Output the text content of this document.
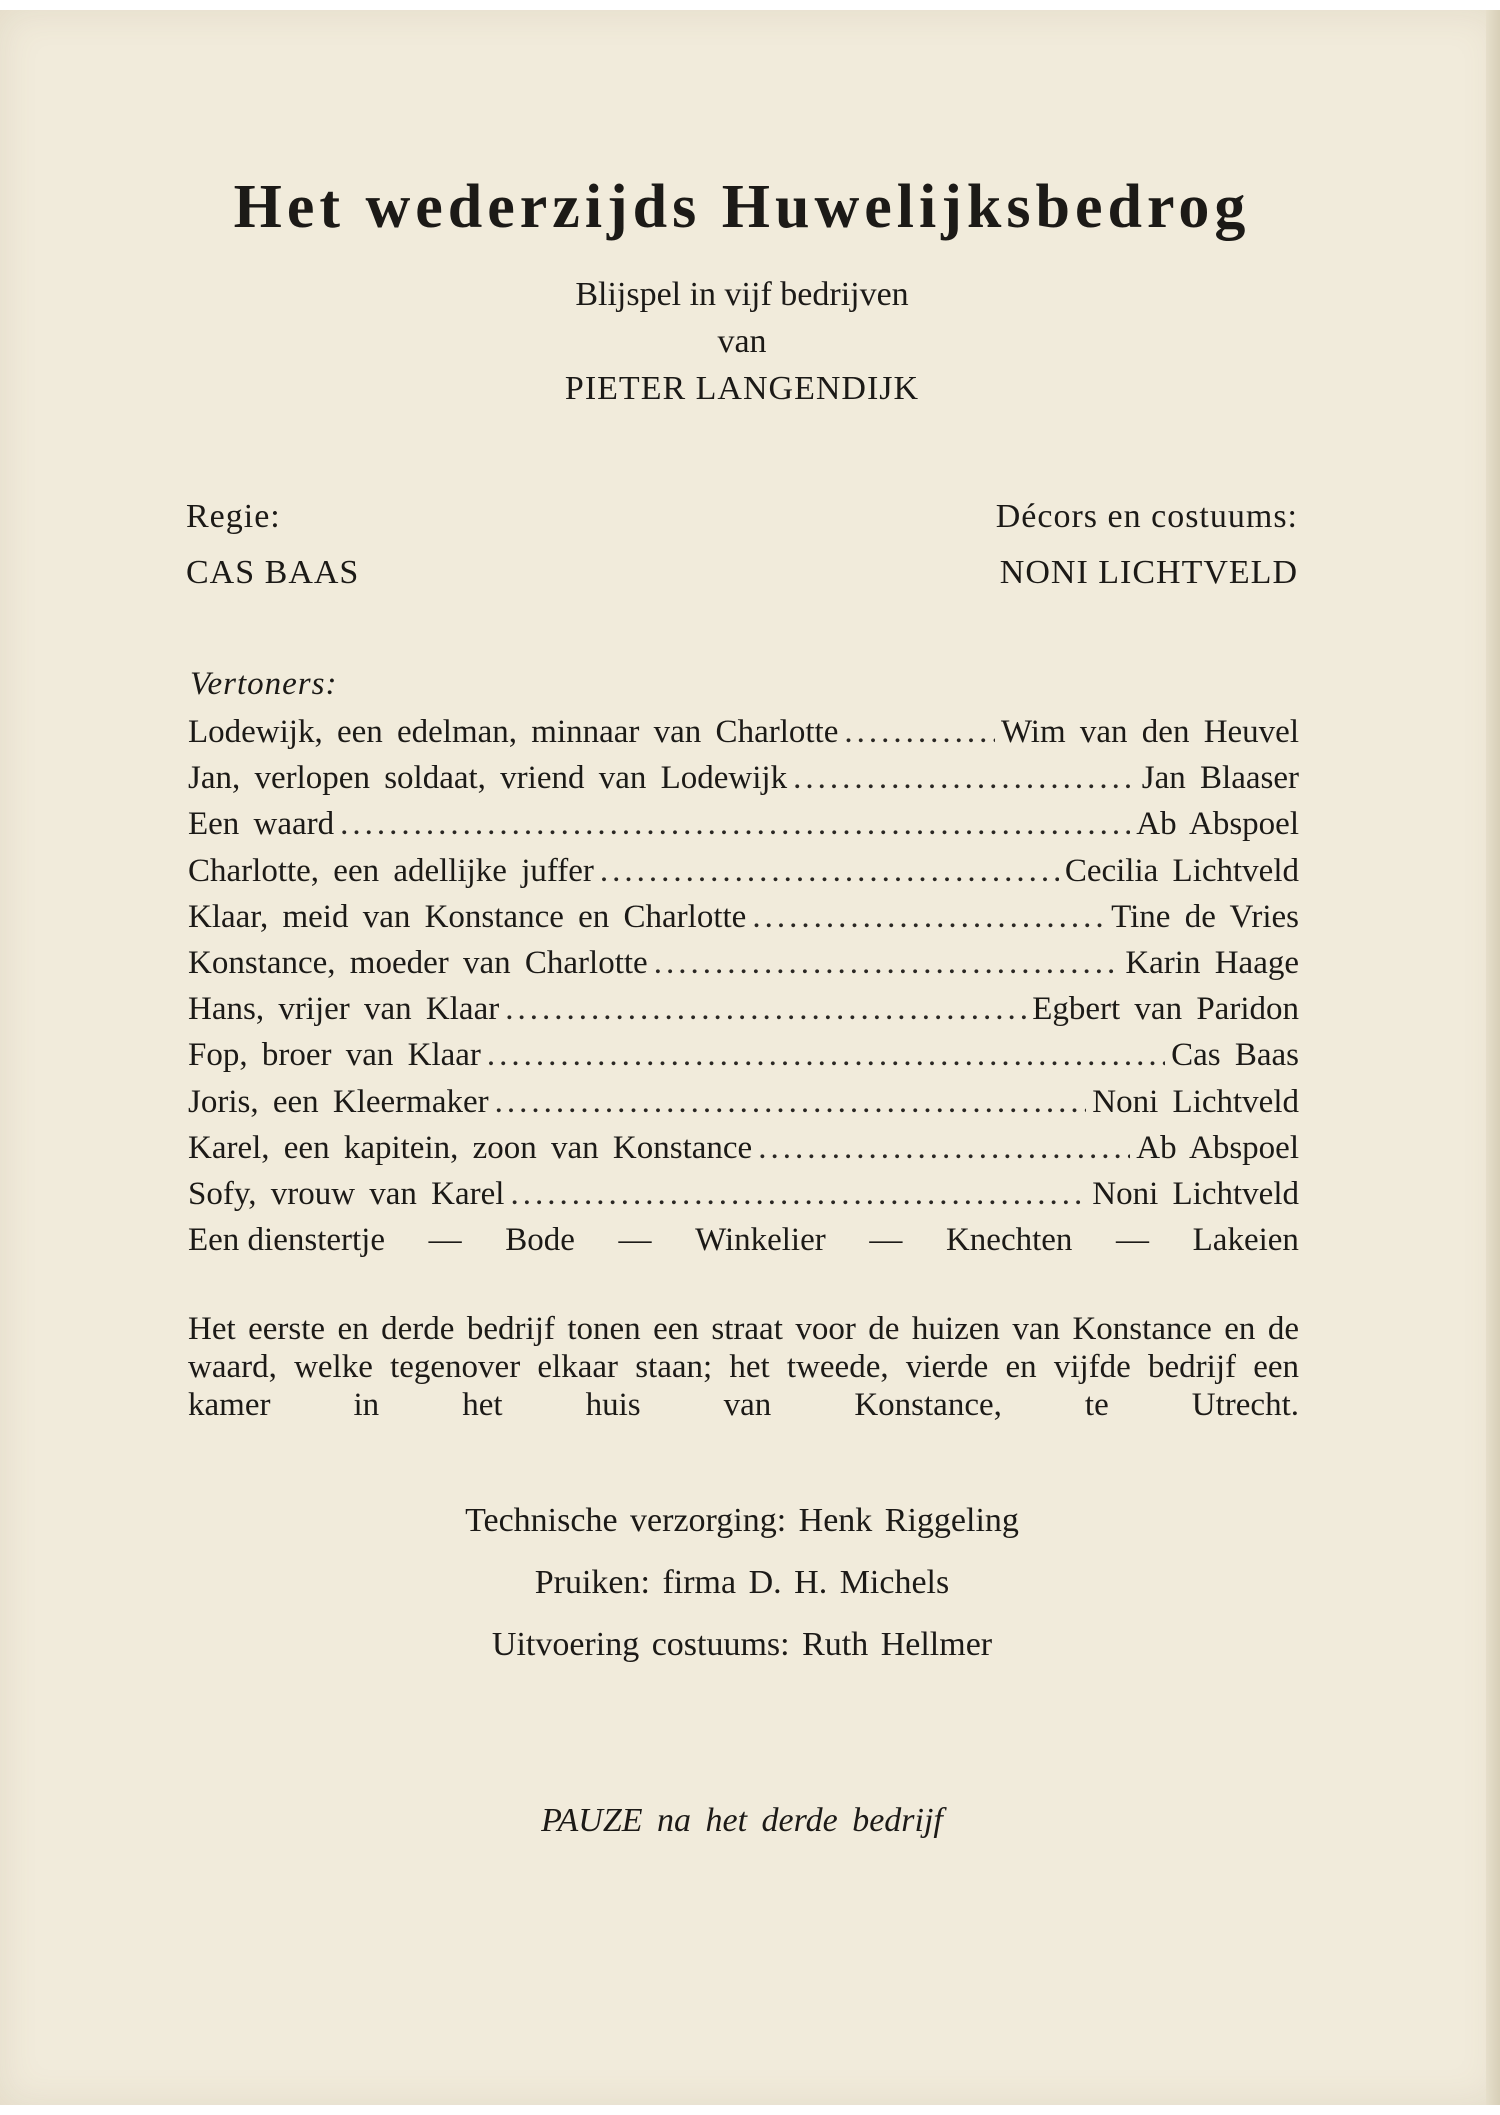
Het wederzijds Huwelijksbedrog

Blijspel in vijf bedrijven

van

PIETER LANGENDIJK

Regie:

CAS BAAS

Décors en costuums:

NONI LICHTVELD

Vertoners:

Lodewijk, een edelman, minnaar van Charlotte .....	Wim van den Heuvel
Jan, verlopen soldaat, vriend van Lodewijk .....	Jan Blaaser
Een waard .....	Ab Abspoel
Charlotte, een adellijke juffer .....	Cecilia Lichtveld
Klaar, meid van Konstance en Charlotte .....	Tine de Vries
Konstance, moeder van Charlotte .....	Karin Haage
Hans, vrijer van Klaar .....	Egbert van Paridon
Fop, broer van Klaar .....	Cas Baas
Joris, een Kleermaker .....	Noni Lichtveld
Karel, een kapitein, zoon van Konstance .....	Ab Abspoel
Sofy, vrouw van Karel .....	Noni Lichtveld
Een dienstertje — Bode — Winkelier — Knechten — Lakeien

Het eerste en derde bedrijf tonen een straat voor de huizen van Konstance en de waard, welke tegenover elkaar staan; het tweede, vierde en vijfde bedrijf een kamer in het huis van Konstance, te Utrecht.

Technische verzorging: Henk Riggeling

Pruiken: firma D. H. Michels

Uitvoering costuums: Ruth Hellmer

PAUZE na het derde bedrijf
